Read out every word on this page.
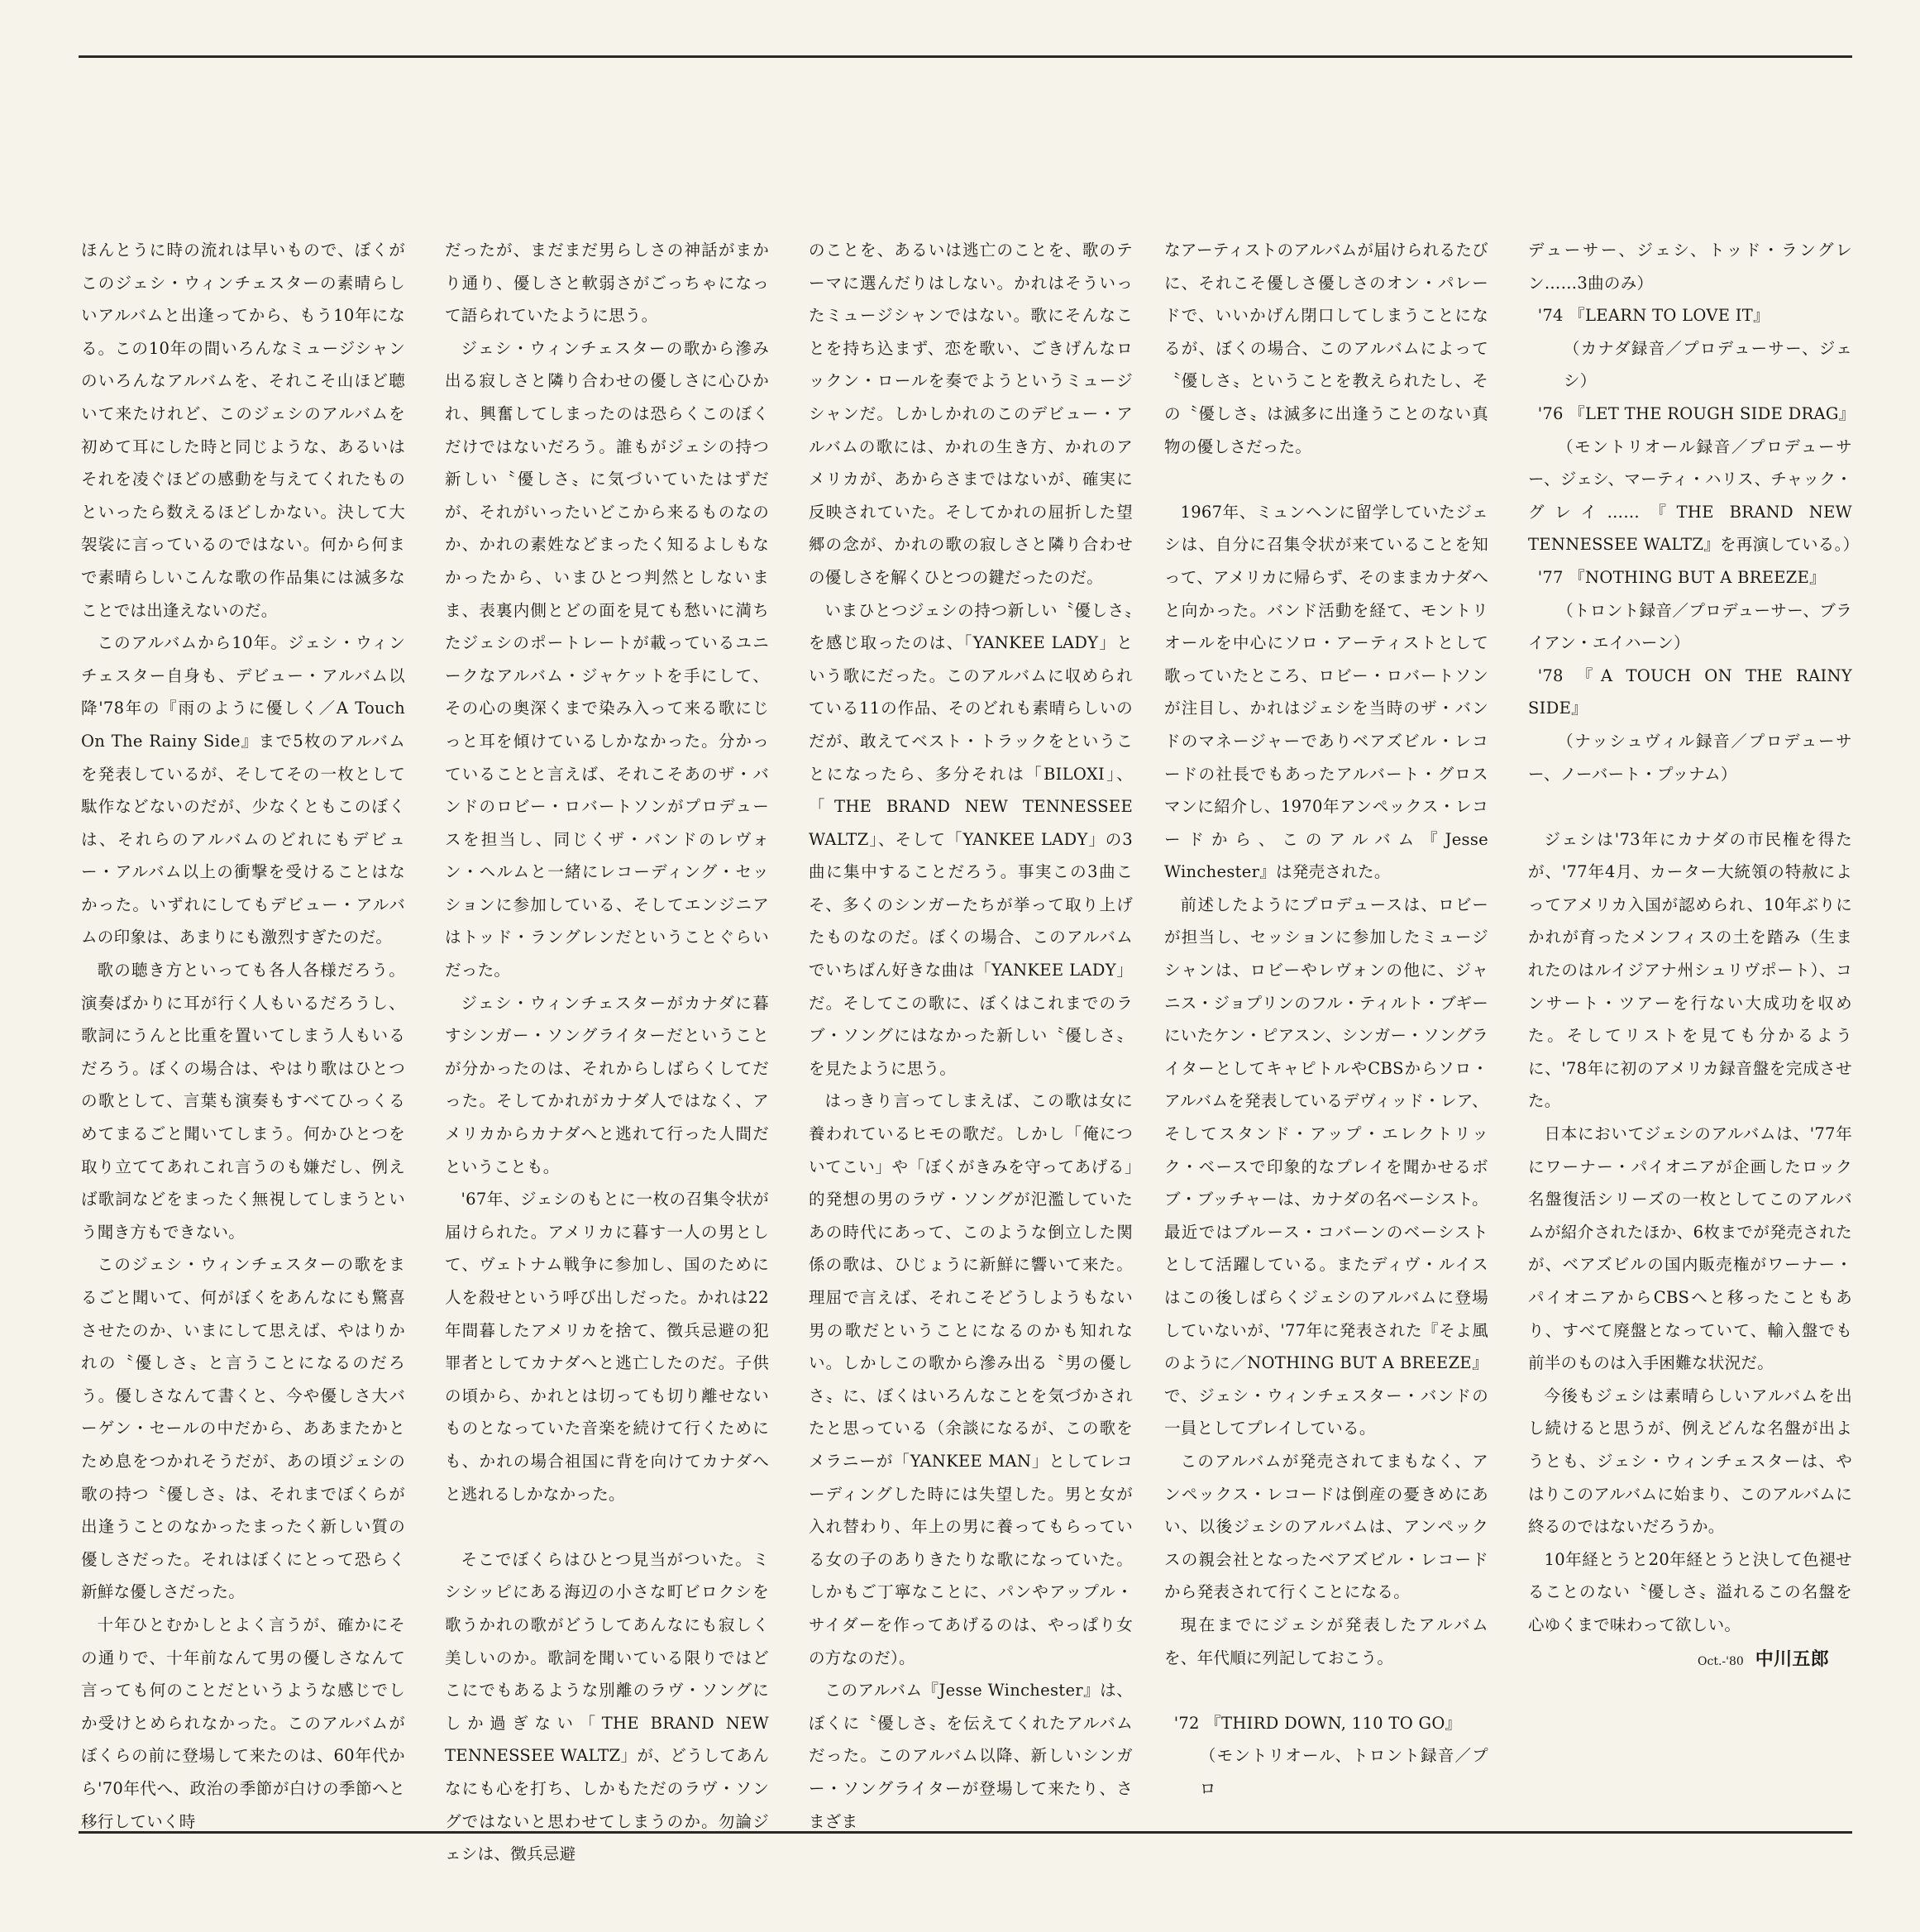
ほんとうに時の流れは早いもので、ぼくがこのジェシ・ウィンチェスターの素晴らしいアルバムと出逢ってから、もう10年になる。この10年の間いろんなミュージシャンのいろんなアルバムを、それこそ山ほど聴いて来たけれど、このジェシのアルバムを初めて耳にした時と同じような、あるいはそれを凌ぐほどの感動を与えてくれたものといったら数えるほどしかない。決して大袈裟に言っているのではない。何から何まで素晴らしいこんな歌の作品集には滅多なことでは出逢えないのだ。

このアルバムから10年。ジェシ・ウィンチェスター自身も、デビュー・アルバム以降'78年の『雨のように優しく／A Touch On The Rainy Side』まで5枚のアルバムを発表しているが、そしてその一枚として駄作などないのだが、少なくともこのぼくは、それらのアルバムのどれにもデビュー・アルバム以上の衝撃を受けることはなかった。いずれにしてもデビュー・アルバムの印象は、あまりにも激烈すぎたのだ。

歌の聴き方といっても各人各様だろう。演奏ばかりに耳が行く人もいるだろうし、歌詞にうんと比重を置いてしまう人もいるだろう。ぼくの場合は、やはり歌はひとつの歌として、言葉も演奏もすべてひっくるめてまるごと聞いてしまう。何かひとつを取り立ててあれこれ言うのも嫌だし、例えば歌詞などをまったく無視してしまうという聞き方もできない。

このジェシ・ウィンチェスターの歌をまるごと聞いて、何がぼくをあんなにも驚喜させたのか、いまにして思えば、やはりかれの〝優しさ〟と言うことになるのだろう。優しさなんて書くと、今や優しさ大バーゲン・セールの中だから、ああまたかとため息をつかれそうだが、あの頃ジェシの歌の持つ〝優しさ〟は、それまでぼくらが出逢うことのなかったまったく新しい質の優しさだった。それはぼくにとって恐らく新鮮な優しさだった。

十年ひとむかしとよく言うが、確かにその通りで、十年前なんて男の優しさなんて言っても何のことだというような感じでしか受けとめられなかった。このアルバムがぼくらの前に登場して来たのは、60年代から'70年代へ、政治の季節が白けの季節へと移行していく時

だったが、まだまだ男らしさの神話がまかり通り、優しさと軟弱さがごっちゃになって語られていたように思う。

ジェシ・ウィンチェスターの歌から滲み出る寂しさと隣り合わせの優しさに心ひかれ、興奮してしまったのは恐らくこのぼくだけではないだろう。誰もがジェシの持つ新しい〝優しさ〟に気づいていたはずだが、それがいったいどこから来るものなのか、かれの素姓などまったく知るよしもなかったから、いまひとつ判然としないまま、表裏内側とどの面を見ても愁いに満ちたジェシのポートレートが載っているユニークなアルバム・ジャケットを手にして、その心の奥深くまで染み入って来る歌にじっと耳を傾けているしかなかった。分かっていることと言えば、それこそあのザ・バンドのロビー・ロバートソンがプロデュースを担当し、同じくザ・バンドのレヴォン・ヘルムと一緒にレコーディング・セッションに参加している、そしてエンジニアはトッド・ラングレンだということぐらいだった。

ジェシ・ウィンチェスターがカナダに暮すシンガー・ソングライターだということが分かったのは、それからしばらくしてだった。そしてかれがカナダ人ではなく、アメリカからカナダへと逃れて行った人間だということも。

'67年、ジェシのもとに一枚の召集令状が届けられた。アメリカに暮す一人の男として、ヴェトナム戦争に参加し、国のために人を殺せという呼び出しだった。かれは22年間暮したアメリカを捨て、徴兵忌避の犯罪者としてカナダへと逃亡したのだ。子供の頃から、かれとは切っても切り離せないものとなっていた音楽を続けて行くためにも、かれの場合祖国に背を向けてカナダへと逃れるしかなかった。

そこでぼくらはひとつ見当がついた。ミシシッピにある海辺の小さな町ビロクシを歌うかれの歌がどうしてあんなにも寂しく美しいのか。歌詞を聞いている限りではどこにでもあるような別離のラヴ・ソングにしか過ぎない「THE BRAND NEW TENNESSEE WALTZ」が、どうしてあんなにも心を打ち、しかもただのラヴ・ソングではないと思わせてしまうのか。勿論ジェシは、徴兵忌避

のことを、あるいは逃亡のことを、歌のテーマに選んだりはしない。かれはそういったミュージシャンではない。歌にそんなことを持ち込まず、恋を歌い、ごきげんなロックン・ロールを奏でようというミュージシャンだ。しかしかれのこのデビュー・アルバムの歌には、かれの生き方、かれのアメリカが、あからさまではないが、確実に反映されていた。そしてかれの屈折した望郷の念が、かれの歌の寂しさと隣り合わせの優しさを解くひとつの鍵だったのだ。

いまひとつジェシの持つ新しい〝優しさ〟を感じ取ったのは、「YANKEE LADY」という歌にだった。このアルバムに収められている11の作品、そのどれも素晴らしいのだが、敢えてベスト・トラックをということになったら、多分それは「BILOXI」、「THE BRAND NEW TENNESSEE WALTZ」、そして「YANKEE LADY」の3曲に集中することだろう。事実この3曲こそ、多くのシンガーたちが挙って取り上げたものなのだ。ぼくの場合、このアルバムでいちばん好きな曲は「YANKEE LADY」だ。そしてこの歌に、ぼくはこれまでのラブ・ソングにはなかった新しい〝優しさ〟を見たように思う。

はっきり言ってしまえば、この歌は女に養われているヒモの歌だ。しかし「俺についてこい」や「ぼくがきみを守ってあげる」的発想の男のラヴ・ソングが氾濫していたあの時代にあって、このような倒立した関係の歌は、ひじょうに新鮮に響いて来た。理屈で言えば、それこそどうしようもない男の歌だということになるのかも知れない。しかしこの歌から滲み出る〝男の優しさ〟に、ぼくはいろんなことを気づかされたと思っている（余談になるが、この歌をメラニーが「YANKEE MAN」としてレコーディングした時には失望した。男と女が入れ替わり、年上の男に養ってもらっている女の子のありきたりな歌になっていた。しかもご丁寧なことに、パンやアップル・サイダーを作ってあげるのは、やっぱり女の方なのだ）。

このアルバム『Jesse Winchester』は、ぼくに〝優しさ〟を伝えてくれたアルバムだった。このアルバム以降、新しいシンガー・ソングライターが登場して来たり、さまざま

なアーティストのアルバムが届けられるたびに、それこそ優しさ優しさのオン・パレードで、いいかげん閉口してしまうことになるが、ぼくの場合、このアルバムによって〝優しさ〟ということを教えられたし、その〝優しさ〟は滅多に出逢うことのない真物の優しさだった。

1967年、ミュンヘンに留学していたジェシは、自分に召集令状が来ていることを知って、アメリカに帰らず、そのままカナダへと向かった。バンド活動を経て、モントリオールを中心にソロ・アーティストとして歌っていたところ、ロビー・ロバートソンが注目し、かれはジェシを当時のザ・バンドのマネージャーでありベアズビル・レコードの社長でもあったアルバート・グロスマンに紹介し、1970年アンペックス・レコードから、このアルバム『Jesse Winchester』は発売された。

前述したようにプロデュースは、ロビーが担当し、セッションに参加したミュージシャンは、ロビーやレヴォンの他に、ジャニス・ジョプリンのフル・ティルト・ブギーにいたケン・ピアスン、シンガー・ソングライターとしてキャピトルやCBSからソロ・アルバムを発表しているデヴィッド・レア、そしてスタンド・アップ・エレクトリック・ベースで印象的なプレイを聞かせるボブ・ブッチャーは、カナダの名ベーシスト。最近ではブルース・コバーンのベーシストとして活躍している。またディヴ・ルイスはこの後しばらくジェシのアルバムに登場していないが、'77年に発表された『そよ風のように／NOTHING BUT A BREEZE』で、ジェシ・ウィンチェスター・バンドの一員としてプレイしている。

このアルバムが発売されてまもなく、アンペックス・レコードは倒産の憂きめにあい、以後ジェシのアルバムは、アンペックスの親会社となったベアズビル・レコードから発表されて行くことになる。

現在までにジェシが発表したアルバムを、年代順に列記しておこう。

'72 『THIRD DOWN, 110 TO GO』

（モントリオール、トロント録音／プロ

デューサー、ジェシ、トッド・ラングレン……3曲のみ）

'74 『LEARN TO LOVE IT』

（カナダ録音／プロデューサー、ジェシ）

'76 『LET THE ROUGH SIDE DRAG』

（モントリオール録音／プロデューサー、ジェシ、マーティ・ハリス、チャック・グレイ……『THE BRAND NEW TENNESSEE WALTZ』を再演している。）

'77 『NOTHING BUT A BREEZE』

（トロント録音／プロデューサー、ブライアン・エイハーン）

'78 『A TOUCH ON THE RAINY SIDE』

（ナッシュヴィル録音／プロデューサー、ノーバート・プッナム）

ジェシは'73年にカナダの市民権を得たが、'77年4月、カーター大統領の特赦によってアメリカ入国が認められ、10年ぶりにかれが育ったメンフィスの土を踏み（生まれたのはルイジアナ州シュリヴポート）、コンサート・ツアーを行ない大成功を収めた。そしてリストを見ても分かるように、'78年に初のアメリカ録音盤を完成させた。

日本においてジェシのアルバムは、'77年にワーナー・パイオニアが企画したロック名盤復活シリーズの一枚としてこのアルバムが紹介されたほか、6枚までが発売されたが、ベアズビルの国内販売権がワーナー・パイオニアからCBSへと移ったこともあり、すべて廃盤となっていて、輸入盤でも前半のものは入手困難な状況だ。

今後もジェシは素晴らしいアルバムを出し続けると思うが、例えどんな名盤が出ようとも、ジェシ・ウィンチェスターは、やはりこのアルバムに始まり、このアルバムに終るのではないだろうか。

10年経とうと20年経とうと決して色褪せることのない〝優しさ〟溢れるこの名盤を心ゆくまで味わって欲しい。

Oct.-'80 中川五郎
